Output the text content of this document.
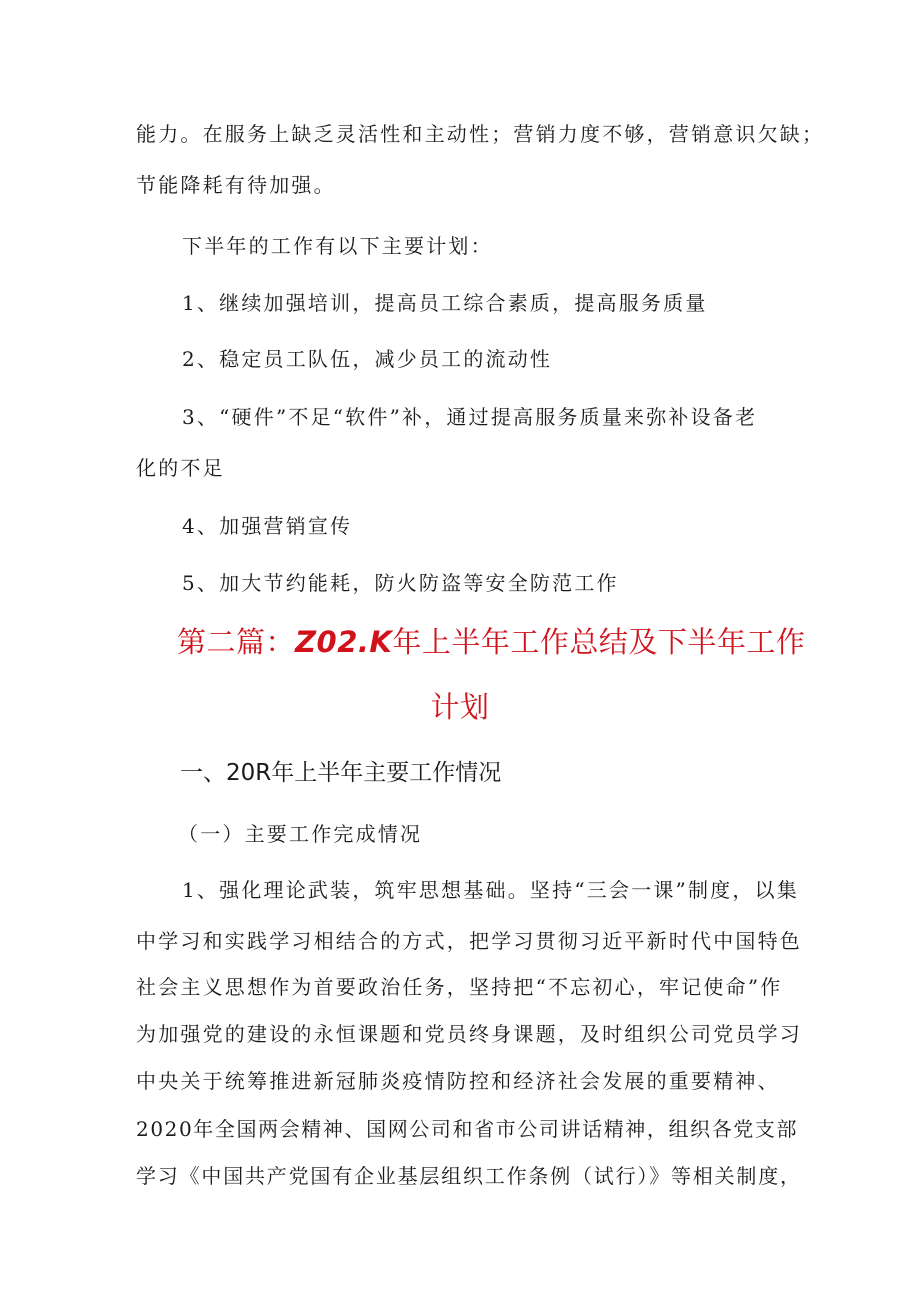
能力。在服务上缺乏灵活性和主动性；营销力度不够，营销意识欠缺；
节能降耗有待加强。
下半年的工作有以下主要计划：
1、继续加强培训，提高员工综合素质，提高服务质量
2、稳定员工队伍，减少员工的流动性
3、“硬件”不足“软件”补，通过提高服务质量来弥补设备老
化的不足
4、加强营销宣传
5、加大节约能耗，防火防盗等安全防范工作
第二篇：Z02.K年上半年工作总结及下半年工作
计划
一、20R年上半年主要工作情况
（一）主要工作完成情况
1、强化理论武装，筑牢思想基础。坚持“三会一课”制度，以集
中学习和实践学习相结合的方式，把学习贯彻习近平新时代中国特色
社会主义思想作为首要政治任务，坚持把“不忘初心，牢记使命”作
为加强党的建设的永恒课题和党员终身课题，及时组织公司党员学习
中央关于统筹推进新冠肺炎疫情防控和经济社会发展的重要精神、
2020年全国两会精神、国网公司和省市公司讲话精神，组织各党支部
学习《中国共产党国有企业基层组织工作条例（试行）》等相关制度，
